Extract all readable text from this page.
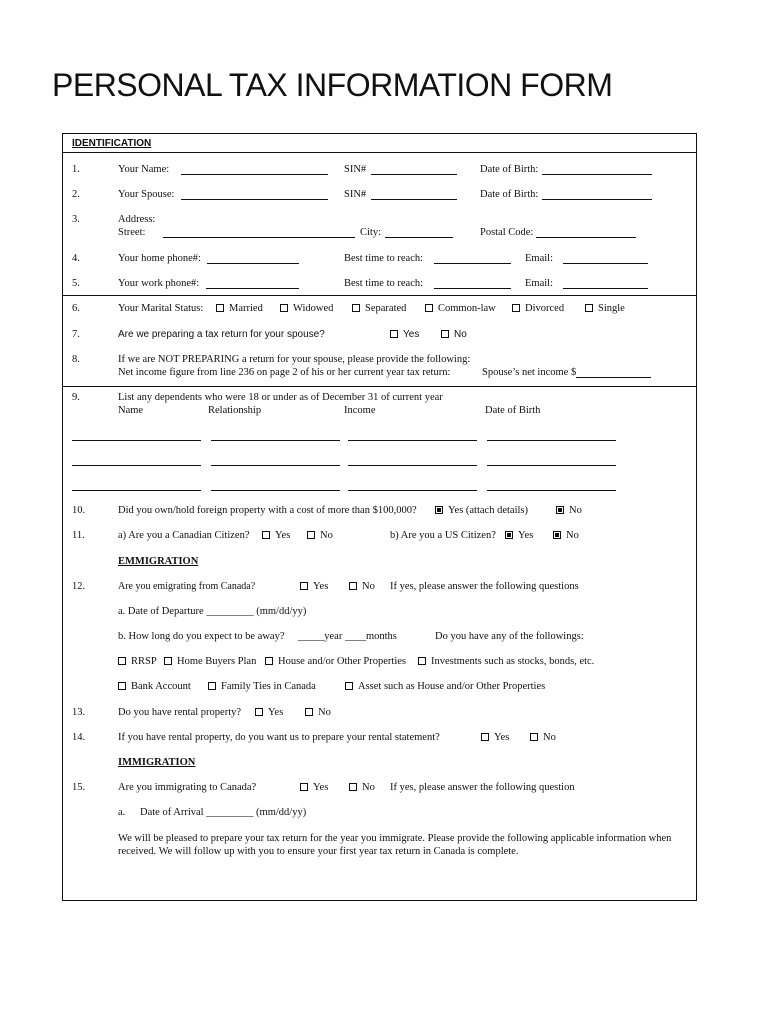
PERSONAL TAX INFORMATION FORM
IDENTIFICATION
1.	Your Name:	SIN#	Date of Birth:
2.	Your Spouse:	SIN#	Date of Birth:
3.	Address:
Street:	City:	Postal Code:
4.	Your home phone#:	Best time to reach:	Email:
5.	Your work phone#:	Best time to reach:	Email:
6.	Your Marital Status:	Married	Widowed	Separated	Common-law	Divorced	Single
7.	Are we preparing a tax return for your spouse?	Yes	No
8.	If we are NOT PREPARING a return for your spouse, please provide the following:
Net income figure from line 236 on page 2 of his or her current year tax return:	Spouse’s net income $
9.	List any dependents who were 18 or under as of December 31 of current year
Name	Relationship	Income	Date of Birth
10.	Did you own/hold foreign property with a cost of more than $100,000?	Yes (attach details)	No
11.	a) Are you a Canadian Citizen?	Yes	No	b) Are you a US Citizen?	Yes	No
EMMIGRATION
12.	Are you emigrating from Canada?	Yes	No If yes, please answer the following questions
a. Date of Departure _________ (mm/dd/yy)
b. How long do you expect to be away? _____year ____months	Do you have any of the followings:
RRSP	Home Buyers Plan	House and/or Other Properties	Investments such as stocks, bonds, etc.
Bank Account	Family Ties in Canada	Asset such as House and/or Other Properties
13.	Do you have rental property?	Yes	No
14.	If you have rental property, do you want us to prepare your rental statement?	Yes	No
IMMIGRATION
15.	Are you immigrating to Canada?	Yes	No If yes, please answer the following question
a. Date of Arrival _________ (mm/dd/yy)
We will be pleased to prepare your tax return for the year you immigrate. Please provide the following applicable information when
received. We will follow up with you to ensure your first year tax return in Canada is complete.
